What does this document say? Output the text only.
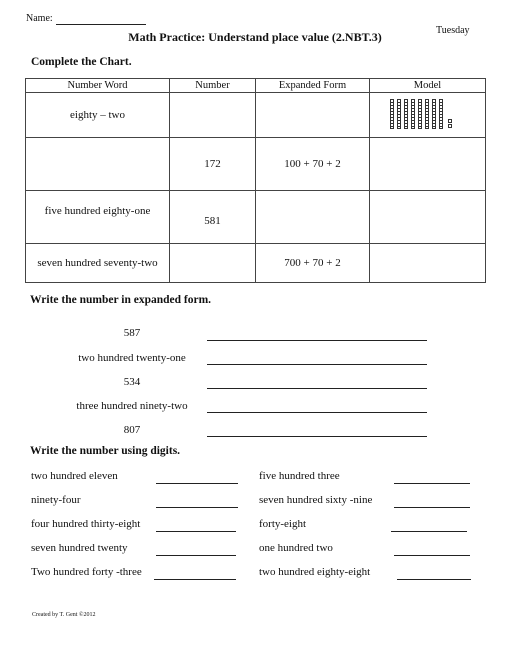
Name:
Tuesday
Math Practice: Understand place value (2.NBT.3)
Complete the Chart.
Number Word	Number	Expanded Form	Model
eighty – two			

	172	100 + 70 + 2	
five hundred eighty-one	581		
seven hundred seventy-two		700 + 70 + 2	
Write the number in expanded form.
587
two hundred twenty-one
534
three hundred ninety-two
807
Write the number using digits.
two hundred eleven
ninety-four
four hundred thirty-eight
seven hundred twenty
Two hundred forty -three
five hundred three
seven hundred sixty -nine
forty-eight
one hundred two
two hundred eighty-eight
Created by T. Gent ©2012
